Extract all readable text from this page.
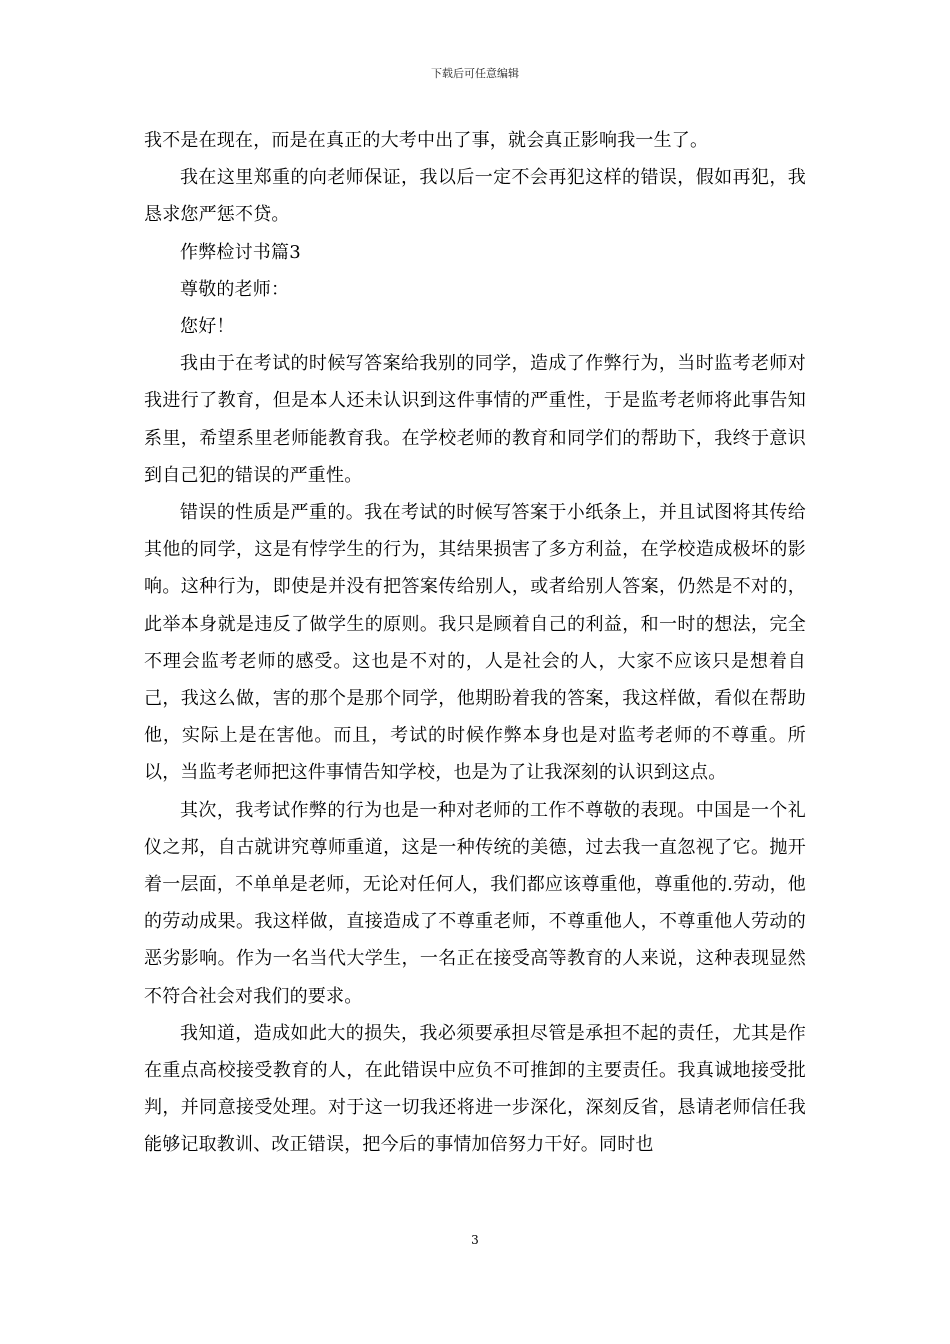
下载后可任意编辑

我不是在现在，而是在真正的大考中出了事，就会真正影响我一生了。

我在这里郑重的向老师保证，我以后一定不会再犯这样的错误，假如再犯，我恳求您严惩不贷。

作弊检讨书篇3

尊敬的老师：

您好！

我由于在考试的时候写答案给我别的同学，造成了作弊行为，当时监考老师对我进行了教育，但是本人还未认识到这件事情的严重性，于是监考老师将此事告知系里，希望系里老师能教育我。在学校老师的教育和同学们的帮助下，我终于意识到自己犯的错误的严重性。

错误的性质是严重的。我在考试的时候写答案于小纸条上，并且试图将其传给其他的同学，这是有悖学生的行为，其结果损害了多方利益，在学校造成极坏的影响。这种行为，即使是并没有把答案传给别人，或者给别人答案，仍然是不对的，此举本身就是违反了做学生的原则。我只是顾着自己的利益，和一时的想法，完全不理会监考老师的感受。这也是不对的，人是社会的人，大家不应该只是想着自己，我这么做，害的那个是那个同学，他期盼着我的答案，我这样做，看似在帮助他，实际上是在害他。而且，考试的时候作弊本身也是对监考老师的不尊重。所以，当监考老师把这件事情告知学校，也是为了让我深刻的认识到这点。

其次，我考试作弊的行为也是一种对老师的工作不尊敬的表现。中国是一个礼仪之邦，自古就讲究尊师重道，这是一种传统的美德，过去我一直忽视了它。抛开着一层面，不单单是老师，无论对任何人，我们都应该尊重他，尊重他的.劳动，他的劳动成果。我这样做，直接造成了不尊重老师，不尊重他人，不尊重他人劳动的恶劣影响。作为一名当代大学生，一名正在接受高等教育的人来说，这种表现显然不符合社会对我们的要求。

我知道，造成如此大的损失，我必须要承担尽管是承担不起的责任，尤其是作在重点高校接受教育的人，在此错误中应负不可推卸的主要责任。我真诚地接受批判，并同意接受处理。对于这一切我还将进一步深化，深刻反省，恳请老师信任我能够记取教训、改正错误，把今后的事情加倍努力干好。同时也

3
